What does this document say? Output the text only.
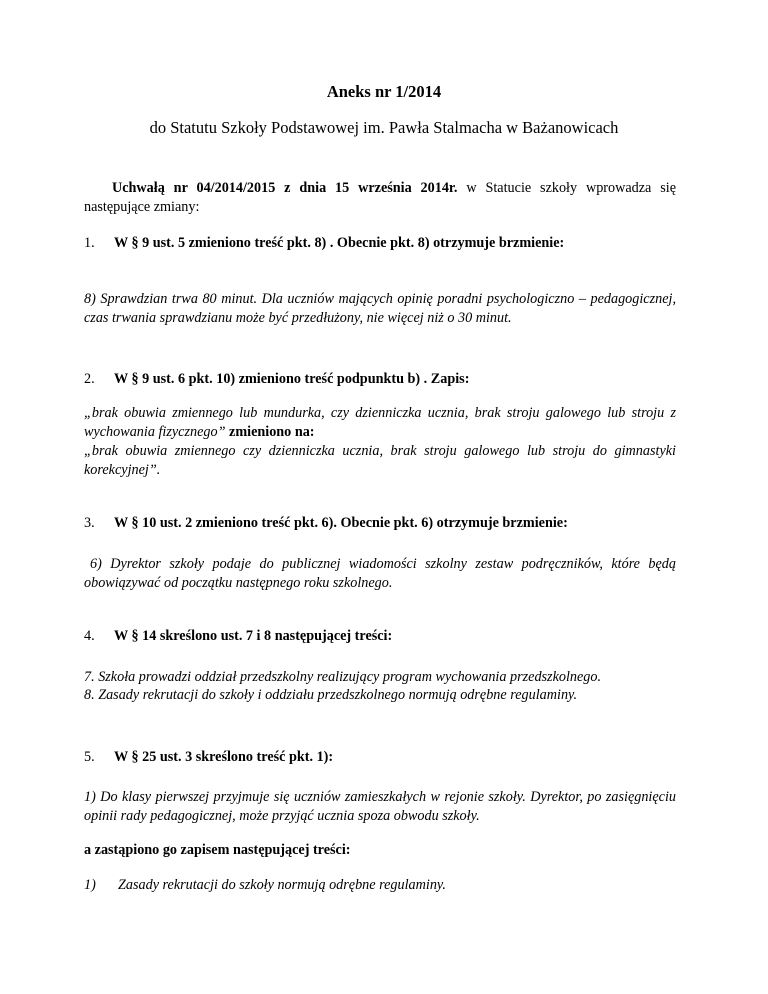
Aneks nr 1/2014
do Statutu Szkoły Podstawowej im. Pawła Stalmacha w Bażanowicach
Uchwałą nr 04/2014/2015 z dnia 15 września 2014r. w Statucie szkoły wprowadza się następujące zmiany:
1. W § 9 ust. 5 zmieniono treść pkt. 8) . Obecnie pkt. 8) otrzymuje brzmienie:
8) Sprawdzian trwa 80 minut. Dla uczniów mających opinię poradni psychologiczno – pedagogicznej, czas trwania sprawdzianu może być przedłużony, nie więcej niż o 30 minut.
2. W § 9 ust. 6 pkt. 10) zmieniono treść podpunktu b) . Zapis:
„brak obuwia zmiennego lub mundurka, czy dzienniczka ucznia, brak stroju galowego lub stroju z wychowania fizycznego” zmieniono na:
„brak obuwia zmiennego czy dzienniczka ucznia, brak stroju galowego lub stroju do gimnastyki korekcyjnej”.
3. W § 10 ust. 2 zmieniono treść pkt. 6). Obecnie pkt. 6) otrzymuje brzmienie:
6) Dyrektor szkoły podaje do publicznej wiadomości szkolny zestaw podręczników, które będą obowiązywać od początku następnego roku szkolnego.
4. W § 14 skreślono ust. 7 i 8 następującej treści:
7. Szkoła prowadzi oddział przedszkolny realizujący program wychowania przedszkolnego.
8. Zasady rekrutacji do szkoły i oddziału przedszkolnego normują odrębne regulaminy.
5. W § 25 ust. 3 skreślono treść pkt. 1):
1) Do klasy pierwszej przyjmuje się uczniów zamieszkałych w rejonie szkoły. Dyrektor, po zasięgnięciu opinii rady pedagogicznej, może przyjąć ucznia spoza obwodu szkoły.
a zastąpiono go zapisem następującej treści:
1) Zasady rekrutacji do szkoły normują odrębne regulaminy.
